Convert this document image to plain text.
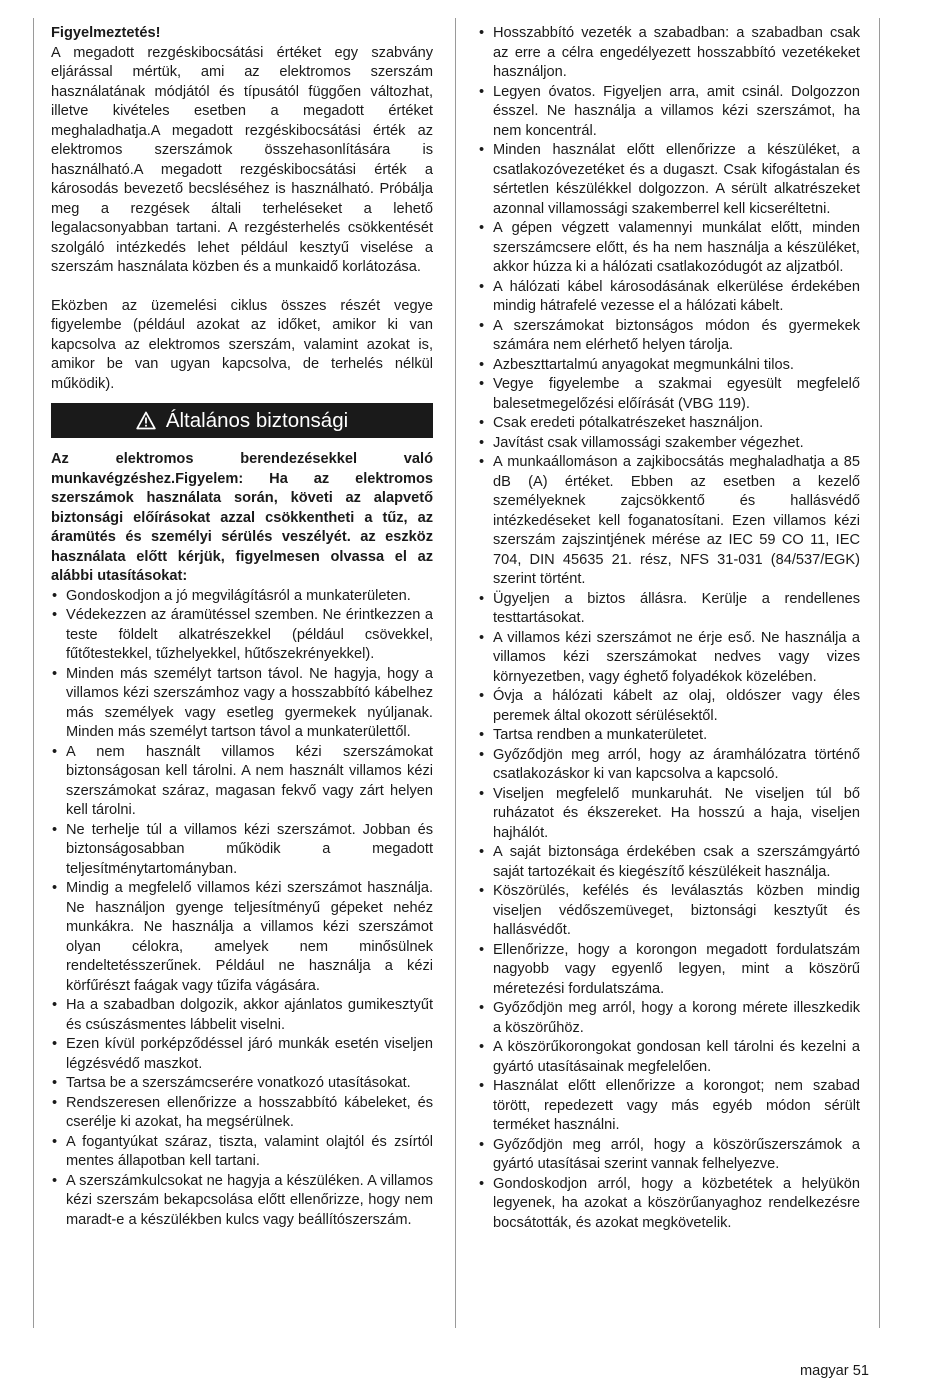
Figyelmeztetés!
A megadott rezgéskibocsátási értéket egy szabvány eljárással mértük, ami az elektromos szerszám használatának módjától és típusától függően változhat, illetve kivételes esetben a megadott értéket meghaladhatja.A megadott rezgéskibocsátási érték az elektromos szerszámok összehasonlítására is használható.A megadott rezgéskibocsátási érték a károsodás bevezető becsléséhez is használható. Próbálja meg a rezgések általi terheléseket a lehető legalacsonyabban tartani. A rezgésterhelés csökkentését szolgáló intézkedés lehet például kesztyű viselése a szerszám használata közben és a munkaidő korlátozása.
Eközben az üzemelési ciklus összes részét vegye figyelembe (például azokat az időket, amikor ki van kapcsolva az elektromos szerszám, valamint azokat is, amikor be van ugyan kapcsolva, de terhelés nélkül működik).
Általános biztonsági
Az elektromos berendezésekkel való munkavégzéshez.Figyelem: Ha az elektromos szerszámok használata során, követi az alapvető biztonsági előírásokat azzal csökkentheti a tűz, az áramütés és személyi sérülés veszélyét. az eszköz használata előtt kérjük, figyelmesen olvassa el az alábbi utasításokat:
• Gondoskodjon a jó megvilágításról a munkaterületen.
• Védekezzen az áramütéssel szemben. Ne érintkezzen a teste földelt alkatrészekkel (például csövekkel, fűtőtestekkel, tűzhelyekkel, hűtőszekrényekkel).
• Minden más személyt tartson távol. Ne hagyja, hogy a villamos kézi szerszámhoz vagy a hosszabbító kábelhez más személyek vagy esetleg gyermekek nyúljanak. Minden más személyt tartson távol a munkaterülettől.
• A nem használt villamos kézi szerszámokat biztonságosan kell tárolni. A nem használt villamos kézi szerszámokat száraz, magasan fekvő vagy zárt helyen kell tárolni.
• Ne terhelje túl a villamos kézi szerszámot. Jobban és biztonságosabban működik a megadott teljesítménytartományban.
• Mindig a megfelelő villamos kézi szerszámot használja. Ne használjon gyenge teljesítményű gépeket nehéz munkákra. Ne használja a villamos kézi szerszámot olyan célokra, amelyek nem minősülnek rendeltetésszerűnek. Például ne használja a kézi körfűrészt faágak vagy tűzifa vágására.
• Ha a szabadban dolgozik, akkor ajánlatos gumikesztyűt és csúszásmentes lábbelit viselni.
• Ezen kívül porképződéssel járó munkák esetén viseljen légzésvédő maszkot.
• Tartsa be a szerszámcserére vonatkozó utasításokat.
• Rendszeresen ellenőrizze a hosszabbító kábeleket, és cserélje ki azokat, ha megsérülnek.
• A fogantyúkat száraz, tiszta, valamint olajtól és zsírtól mentes állapotban kell tartani.
• A szerszámkulcsokat ne hagyja a készüléken. A villamos kézi szerszám bekapcsolása előtt ellenőrizze, hogy nem maradt-e a készülékben kulcs vagy beállítószerszám.
• Hosszabbító vezeték a szabadban: a szabadban csak az erre a célra engedélyezett hosszabbító vezetékeket használjon.
• Legyen óvatos. Figyeljen arra, amit csinál. Dolgozzon ésszel. Ne használja a villamos kézi szerszámot, ha nem koncentrál.
• Minden használat előtt ellenőrizze a készüléket, a csatlakozóvezetéket és a dugaszt. Csak kifogástalan és sértetlen készülékkel dolgozzon. A sérült alkatrészeket azonnal villamossági szakemberrel kell kicseréltetni.
• A gépen végzett valamennyi munkálat előtt, minden szerszámcsere előtt, és ha nem használja a készüléket, akkor húzza ki a hálózati csatlakozódugót az aljzatból.
• A hálózati kábel károsodásának elkerülése érdekében mindig hátrafelé vezesse el a hálózati kábelt.
• A szerszámokat biztonságos módon és gyermekek számára nem elérhető helyen tárolja.
• Azbeszttartalmú anyagokat megmunkálni tilos.
• Vegye figyelembe a szakmai egyesült megfelelő balesetmegelőzési előírását (VBG 119).
• Csak eredeti pótalkatrészeket használjon.
• Javítást csak villamossági szakember végezhet.
• A munkaállomáson a zajkibocsátás meghaladhatja a 85 dB (A) értéket. Ebben az esetben a kezelő személyeknek zajcsökkentő és hallásvédő intézkedéseket kell foganatosítani. Ezen villamos kézi szerszám zajszintjének mérése az IEC 59 CO 11, IEC 704, DIN 45635 21. rész, NFS 31-031 (84/537/EGK) szerint történt.
• Ügyeljen a biztos állásra. Kerülje a rendellenes testtartásokat.
• A villamos kézi szerszámot ne érje eső. Ne használja a villamos kézi szerszámokat nedves vagy vizes környezetben, vagy éghető folyadékok közelében.
• Óvja a hálózati kábelt az olaj, oldószer vagy éles peremek által okozott sérülésektől.
• Tartsa rendben a munkaterületet.
• Győződjön meg arról, hogy az áramhálózatra történő csatlakozáskor ki van kapcsolva a kapcsoló.
• Viseljen megfelelő munkaruhát. Ne viseljen túl bő ruházatot és ékszereket. Ha hosszú a haja, viseljen hajhálót.
• A saját biztonsága érdekében csak a szerszámgyártó saját tartozékait és kiegészítő készülékeit használja.
• Köszörülés, kefélés és leválasztás közben mindig viseljen védőszemüveget, biztonsági kesztyűt és hallásvédőt.
• Ellenőrizze, hogy a korongon megadott fordulatszám nagyobb vagy egyenlő legyen, mint a köszörű méretezési fordulatszáma.
• Győződjön meg arról, hogy a korong mérete illeszkedik a köszörűhöz.
• A köszörűkorongokat gondosan kell tárolni és kezelni a gyártó utasításainak megfelelően.
• Használat előtt ellenőrizze a korongot; nem szabad törött, repedezett vagy más egyéb módon sérült terméket használni.
• Győződjön meg arról, hogy a köszörűszerszámok a gyártó utasításai szerint vannak felhelyezve.
• Gondoskodjon arról, hogy a közbetétek a helyükön legyenek, ha azokat a köszörűanyaghoz rendelkezésre bocsátották, és azokat megkövetelik.
magyar 51
